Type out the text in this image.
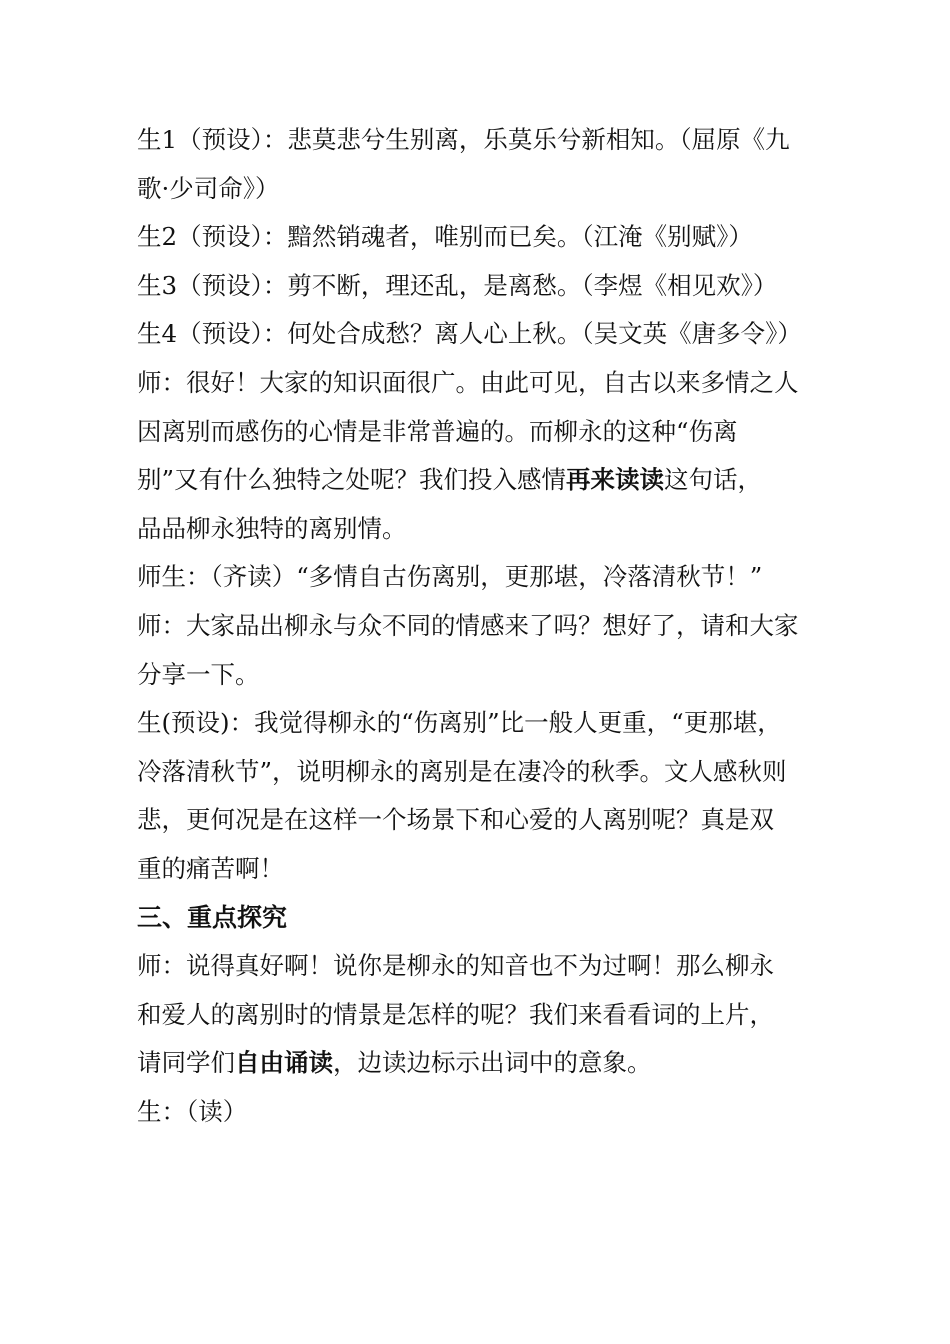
生1（预设）：悲莫悲兮生别离，乐莫乐兮新相知。（屈原《九
歌·少司命》）
生2（预设）：黯然销魂者，唯别而已矣。（江淹《别赋》）
生3（预设）：剪不断，理还乱，是离愁。（李煜《相见欢》）
生4（预设）：何处合成愁？离人心上秋。（吴文英《唐多令》）
师：很好！大家的知识面很广。由此可见，自古以来多情之人
因离别而感伤的心情是非常普遍的。而柳永的这种“伤离
别”又有什么独特之处呢？我们投入感情再来读读这句话，
品品柳永独特的离别情。
师生：（齐读）“多情自古伤离别，更那堪，冷落清秋节！”
师：大家品出柳永与众不同的情感来了吗？想好了，请和大家
分享一下。
生(预设)：我觉得柳永的“伤离别”比一般人更重，“更那堪，
冷落清秋节”，说明柳永的离别是在凄冷的秋季。文人感秋则
悲，更何况是在这样一个场景下和心爱的人离别呢？真是双
重的痛苦啊！
三、重点探究
师：说得真好啊！说你是柳永的知音也不为过啊！那么柳永
和爱人的离别时的情景是怎样的呢？我们来看看词的上片，
请同学们自由诵读，边读边标示出词中的意象。
生：（读）
